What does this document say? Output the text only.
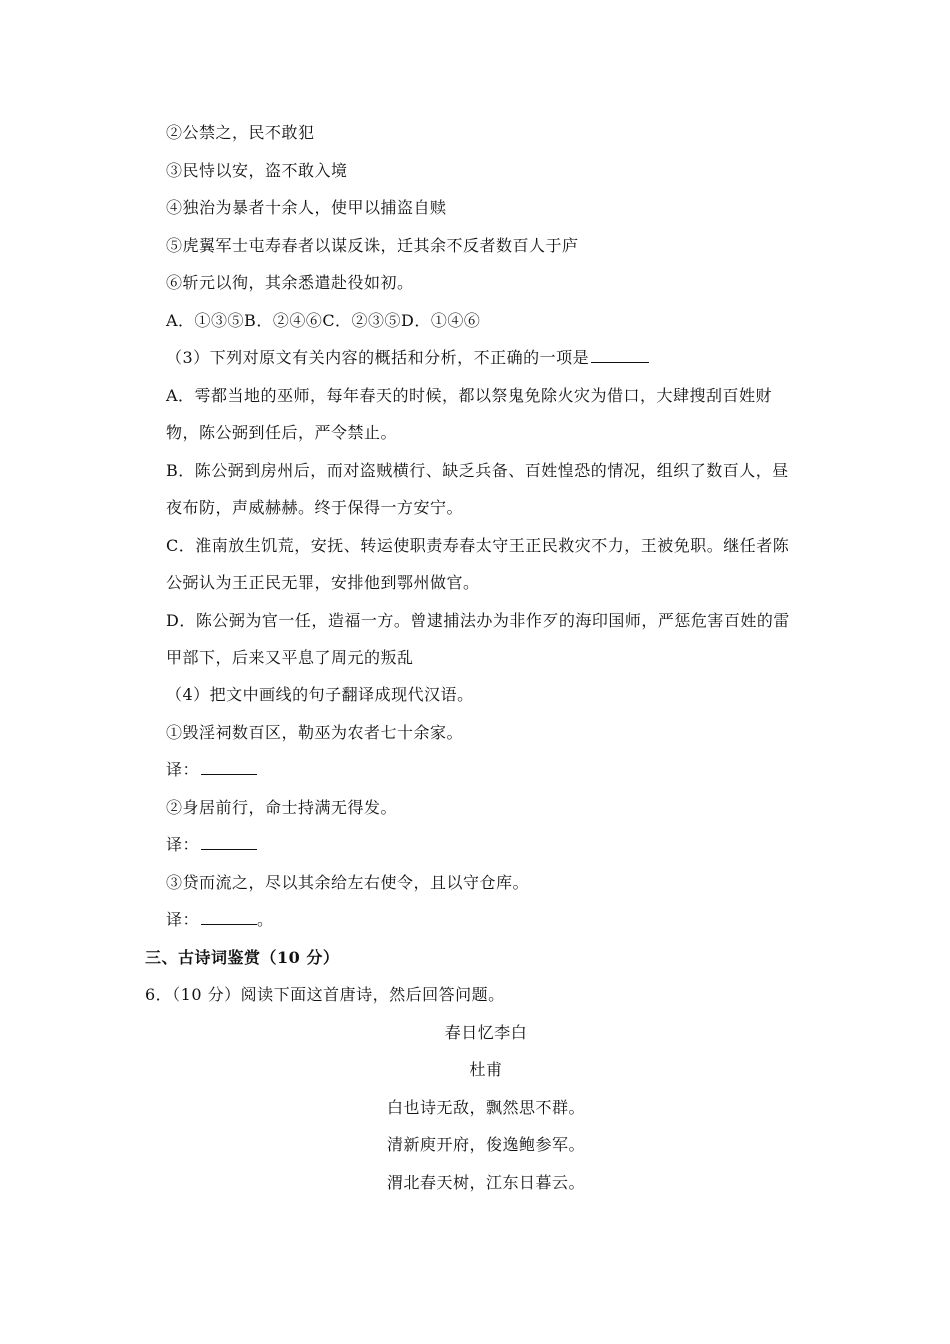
②公禁之，民不敢犯
③民恃以安，盗不敢入境
④独治为暴者十余人，使甲以捕盗自赎
⑤虎翼军士屯寿春者以谋反诛，迁其余不反者数百人于庐
⑥斩元以徇，其余悉遣赴役如初。
A．①③⑤B．②④⑥C．②③⑤D．①④⑥
（3）下列对原文有关内容的概括和分析，不正确的一项是
A．雩都当地的巫师，每年春天的时候，都以祭鬼免除火灾为借口，大肆搜刮百姓财
物，陈公弼到任后，严令禁止。
B．陈公弼到房州后，而对盗贼横行、缺乏兵备、百姓惶恐的情况，组织了数百人，昼
夜布防，声威赫赫。终于保得一方安宁。
C．淮南放生饥荒，安抚、转运使职责寿春太守王正民救灾不力，王被免职。继任者陈
公弼认为王正民无罪，安排他到鄂州做官。
D．陈公弼为官一任，造福一方。曾逮捕法办为非作歹的海印国师，严惩危害百姓的雷
甲部下，后来又平息了周元的叛乱
（4）把文中画线的句子翻译成现代汉语。
①毁淫祠数百区，勒巫为农者七十余家。
译：
②身居前行，命士持满无得发。
译：
③贷而流之，尽以其余给左右使令，且以守仓库。
译：	。
三、古诗词鉴赏（10 分）
6．（10 分）阅读下面这首唐诗，然后回答问题。
春日忆李白
杜甫
白也诗无敌，飘然思不群。
清新庾开府，俊逸鲍参军。
渭北春天树，江东日暮云。
